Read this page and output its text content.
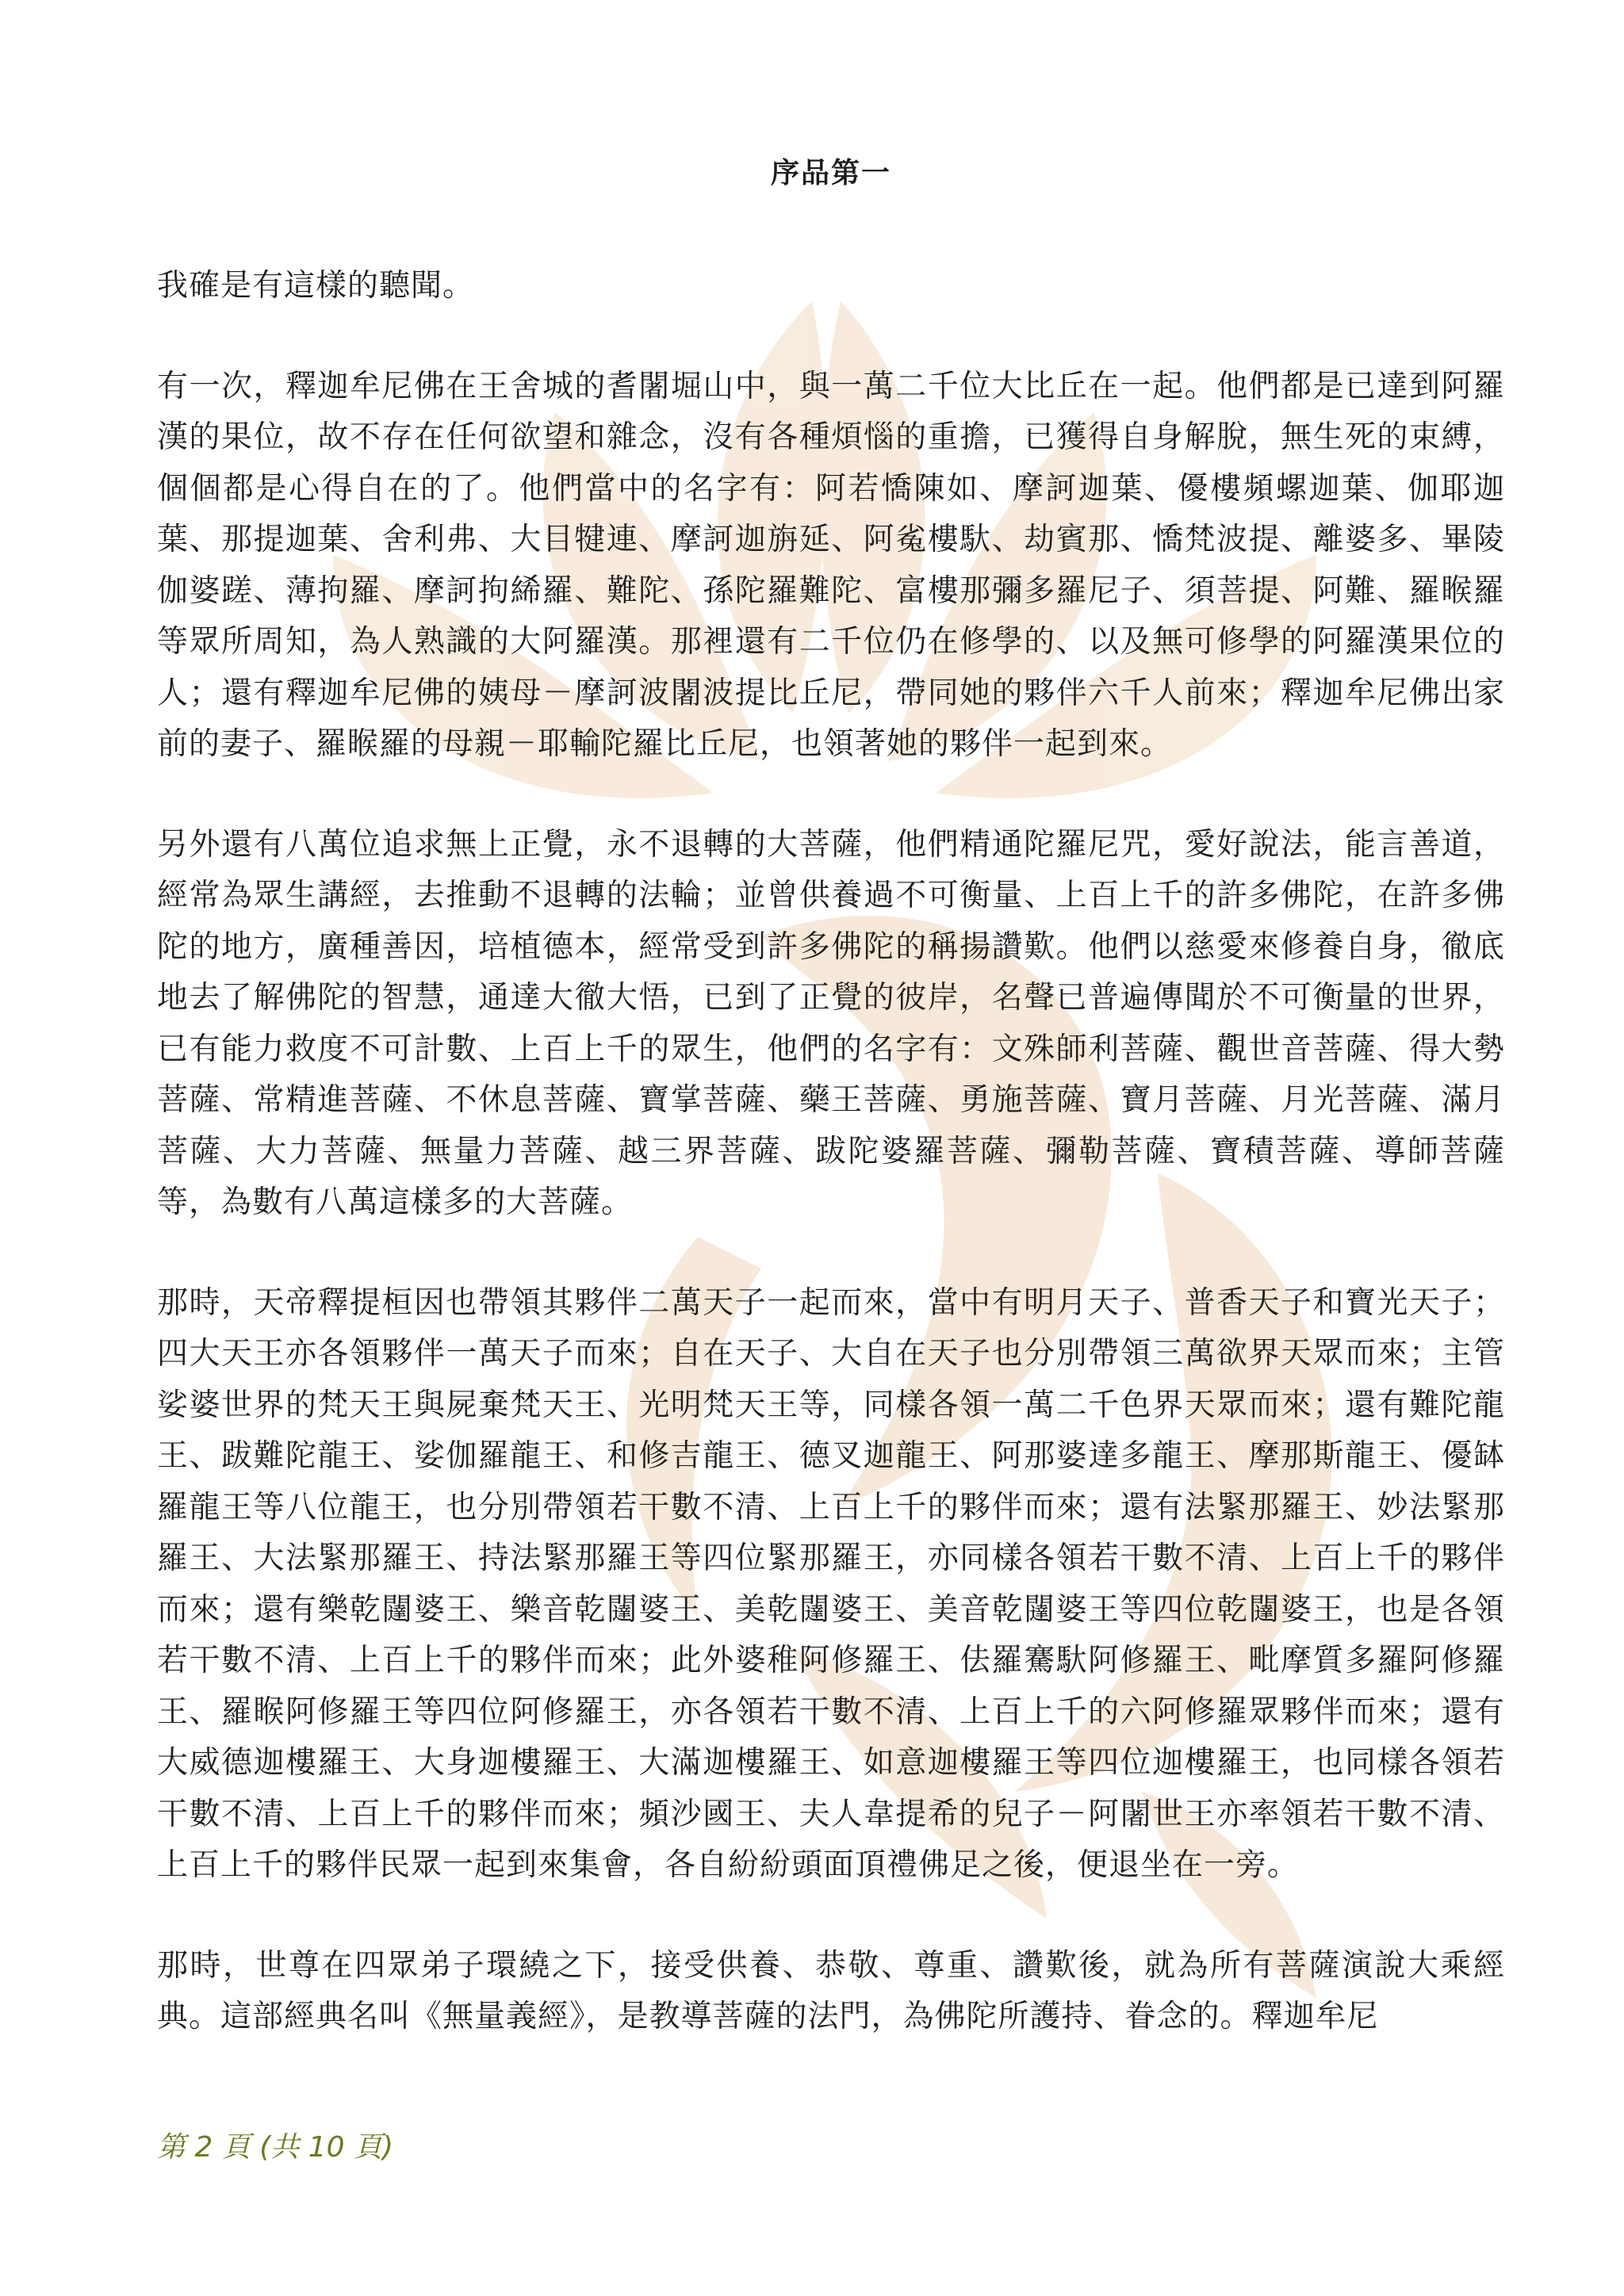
序品第一

我確是有這樣的聽聞。

有一次，釋迦牟尼佛在王舍城的耆闍堀山中，與一萬二千位大比丘在一起。他們都是已達到阿羅漢的果位，故不存在任何欲望和雜念，沒有各種煩惱的重擔，已獲得自身解脫，無生死的束縛，個個都是心得自在的了。他們當中的名字有：阿若憍陳如、摩訶迦葉、優樓頻螺迦葉、伽耶迦葉、那提迦葉、舍利弗、大目犍連、摩訶迦旃延、阿㝹樓馱、劫賓那、憍梵波提、離婆多、畢陵伽婆蹉、薄拘羅、摩訶拘絺羅、難陀、孫陀羅難陀、富樓那彌多羅尼子、須菩提、阿難、羅睺羅等眾所周知，為人熟識的大阿羅漢。那裡還有二千位仍在修學的、以及無可修學的阿羅漢果位的人；還有釋迦牟尼佛的姨母－摩訶波闍波提比丘尼，帶同她的夥伴六千人前來；釋迦牟尼佛出家前的妻子、羅睺羅的母親－耶輸陀羅比丘尼，也領著她的夥伴一起到來。

另外還有八萬位追求無上正覺，永不退轉的大菩薩，他們精通陀羅尼咒，愛好說法，能言善道，經常為眾生講經，去推動不退轉的法輪；並曾供養過不可衡量、上百上千的許多佛陀，在許多佛陀的地方，廣種善因，培植德本，經常受到許多佛陀的稱揚讚歎。他們以慈愛來修養自身，徹底地去了解佛陀的智慧，通達大徹大悟，已到了正覺的彼岸，名聲已普遍傳聞於不可衡量的世界，已有能力救度不可計數、上百上千的眾生，他們的名字有：文殊師利菩薩、觀世音菩薩、得大勢菩薩、常精進菩薩、不休息菩薩、寶掌菩薩、藥王菩薩、勇施菩薩、寶月菩薩、月光菩薩、滿月菩薩、大力菩薩、無量力菩薩、越三界菩薩、跋陀婆羅菩薩、彌勒菩薩、寶積菩薩、導師菩薩等，為數有八萬這樣多的大菩薩。

那時，天帝釋提桓因也帶領其夥伴二萬天子一起而來，當中有明月天子、普香天子和寶光天子；四大天王亦各領夥伴一萬天子而來；自在天子、大自在天子也分別帶領三萬欲界天眾而來；主管娑婆世界的梵天王與屍棄梵天王、光明梵天王等，同樣各領一萬二千色界天眾而來；還有難陀龍王、跋難陀龍王、娑伽羅龍王、和修吉龍王、德叉迦龍王、阿那婆達多龍王、摩那斯龍王、優缽羅龍王等八位龍王，也分別帶領若干數不清、上百上千的夥伴而來；還有法緊那羅王、妙法緊那羅王、大法緊那羅王、持法緊那羅王等四位緊那羅王，亦同樣各領若干數不清、上百上千的夥伴而來；還有樂乾闥婆王、樂音乾闥婆王、美乾闥婆王、美音乾闥婆王等四位乾闥婆王，也是各領若干數不清、上百上千的夥伴而來；此外婆稚阿修羅王、佉羅騫馱阿修羅王、毗摩質多羅阿修羅王、羅睺阿修羅王等四位阿修羅王，亦各領若干數不清、上百上千的六阿修羅眾夥伴而來；還有大威德迦樓羅王、大身迦樓羅王、大滿迦樓羅王、如意迦樓羅王等四位迦樓羅王，也同樣各領若干數不清、上百上千的夥伴而來；頻沙國王、夫人韋提希的兒子－阿闍世王亦率領若干數不清、上百上千的夥伴民眾一起到來集會，各自紛紛頭面頂禮佛足之後，便退坐在一旁。

那時，世尊在四眾弟子環繞之下，接受供養、恭敬、尊重、讚歎後，就為所有菩薩演說大乘經典。這部經典名叫《無量義經》，是教導菩薩的法門，為佛陀所護持、眷念的。釋迦牟尼

第 2 頁 (共 10 頁)
